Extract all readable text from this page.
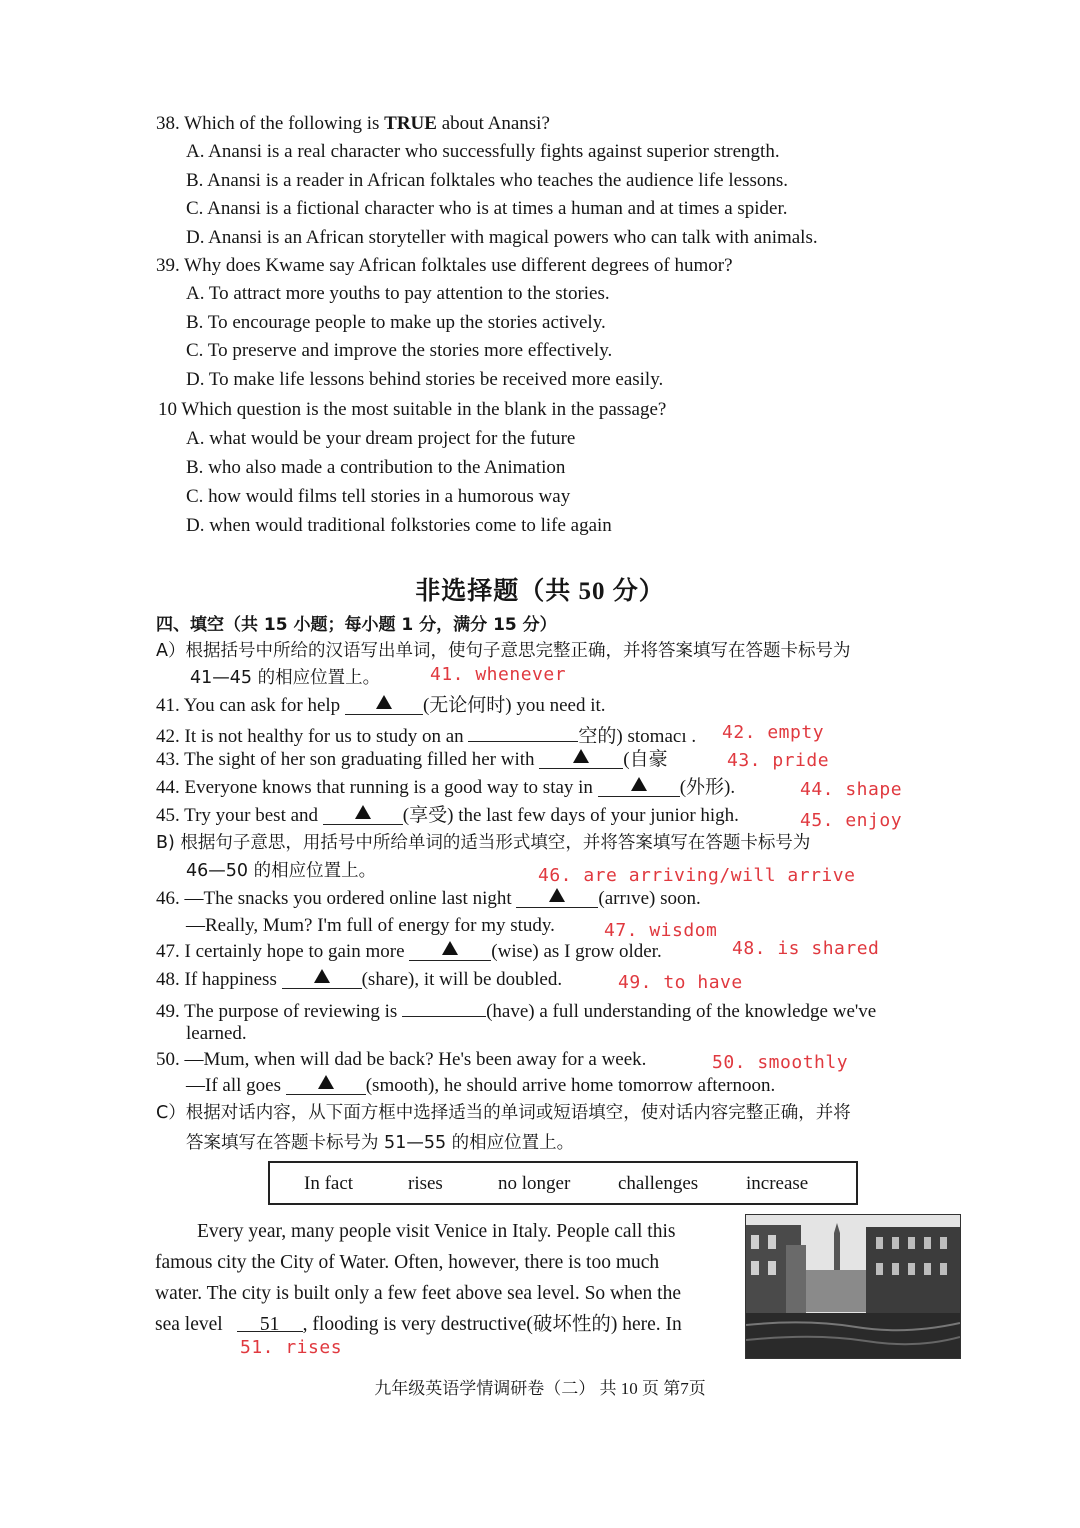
38. Which of the following is TRUE about Anansi?
A. Anansi is a real character who successfully fights against superior strength.
B. Anansi is a reader in African folktales who teaches the audience life lessons.
C. Anansi is a fictional character who is at times a human and at times a spider.
D. Anansi is an African storyteller with magical powers who can talk with animals.
39. Why does Kwame say African folktales use different degrees of humor?
A. To attract more youths to pay attention to the stories.
B. To encourage people to make up the stories actively.
C. To preserve and improve the stories more effectively.
D. To make life lessons behind stories be received more easily.
10 Which question is the most suitable in the blank in the passage?
A. what would be your dream project for the future
B. who also made a contribution to the Animation
C. how would films tell stories in a humorous way
D. when would traditional folkstories come to life again
非选择题（共 50 分）
四、填空（共 15 小题；每小题 1 分，满分 15 分）
A）根据括号中所给的汉语写出单词，使句子意思完整正确，并将答案填写在答题卡标号为
41—45 的相应位置上。	41. whenever
41. You can ask for help	(无论何时) you need it.
42. It is not healthy for us to study on an	空的) stomacı . 42. empty
43. The sight of her son graduating filled her with	(自豪	43. pride
44. Everyone knows that running is a good way to stay in	(外形).	44. shape
45. Try your best and	(享受) the last few days of your junior high.	45. enjoy
B) 根据句子意思，用括号中所给单词的适当形式填空，并将答案填写在答题卡标号为
46—50 的相应位置上。	46. are arriving/will arrive
46. —The snacks you ordered online last night	(arrıve) soon.
—Really, Mum? I'm full of energy for my study.	47. wisdom
47. I certainly hope to gain more	(wise) as I grow older.	48. is shared
48. If happiness	(share), it will be doubled.	49. to have
49. The purpose of reviewing is	(have) a full understanding of the knowledge we've
learned.
50. —Mum, when will dad be back? He's been away for a week.	50. smoothly
—If all goes	(smooth), he should arrive home tomorrow afternoon.
C）根据对话内容，从下面方框中选择适当的单词或短语填空，使对话内容完整正确，并将
答案填写在答题卡标号为 51—55 的相应位置上。
In fact	rises	no longer	challenges	increase
Every year, many people visit Venice in Italy. People call this
famous city the City of Water. Often, however, there is too much
water. The city is built only a few feet above sea level. So when the
sea level 51 , flooding is very destructive(破坏性的) here. In
51. rises
九年级英语学情调研卷（二） 共 10 页 第7页
